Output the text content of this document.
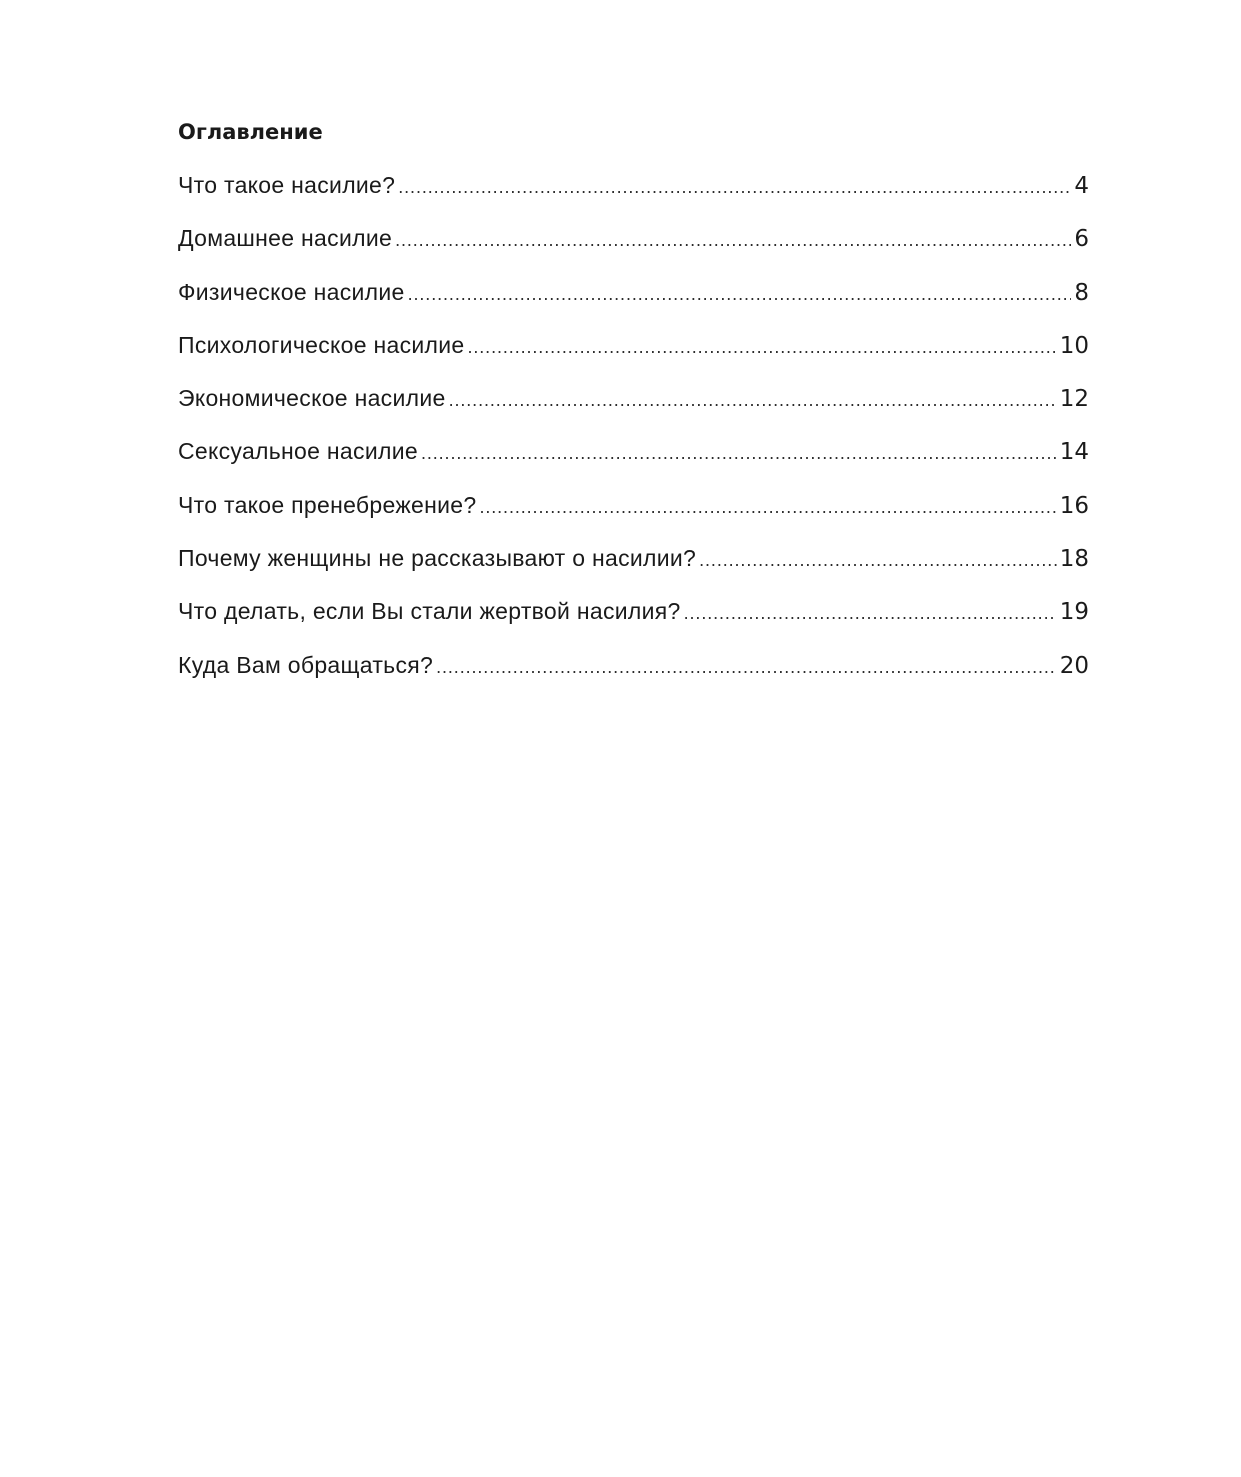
Оглавление
Что такое насилие? .....	4
Домашнее насилие .....	6
Физическое насилие .....	8
Психологическое насилие .....	10
Экономическое насилие .....	12
Сексуальное насилие .....	14
Что такое пренебрежение? .....	16
Почему женщины не рассказывают о насилии? .....	18
Что делать, если Вы стали жертвой насилия? .....	19
Куда Вам обращаться? .....	20
